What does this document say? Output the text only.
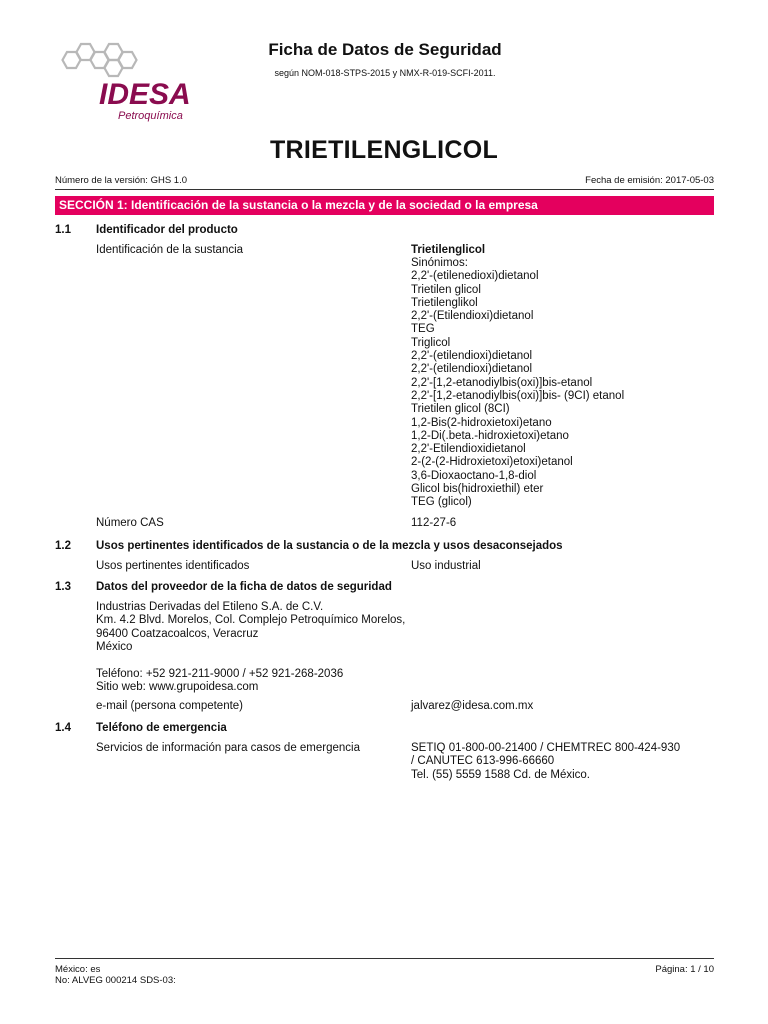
IDESA
Petroquímica
Ficha de Datos de Seguridad
según NOM-018-STPS-2015 y NMX-R-019-SCFI-2011.
TRIETILENGLICOL
Número de la versión: GHS 1.0	Fecha de emisión: 2017-05-03
SECCIÓN 1: Identificación de la sustancia o la mezcla y de la sociedad o la empresa
1.1 Identificador del producto
Identificación de la sustancia	Trietilenglicol
Sinónimos:
2,2'-(etilenedioxi)dietanol
Trietilen glicol
Trietilenglikol
2,2'-(Etilendioxi)dietanol
TEG
Triglicol
2,2'-(etilendioxi)dietanol
2,2'-(etilendioxi)dietanol
2,2'-[1,2-etanodiylbis(oxi)]bis-etanol
2,2'-[1,2-etanodiylbis(oxi)]bis- (9CI) etanol
Trietilen glicol (8CI)
1,2-Bis(2-hidroxietoxi)etano
1,2-Di(.beta.-hidroxietoxi)etano
2,2'-Etilendioxidietanol
2-(2-(2-Hidroxietoxi)etoxi)etanol
3,6-Dioxaoctano-1,8-diol
Glicol bis(hidroxiethil) eter
TEG (glicol)
Número CAS	112-27-6
1.2 Usos pertinentes identificados de la sustancia o de la mezcla y usos desaconsejados
Usos pertinentes identificados	Uso industrial
1.3 Datos del proveedor de la ficha de datos de seguridad
Industrias Derivadas del Etileno S.A. de C.V.
Km. 4.2 Blvd. Morelos, Col. Complejo Petroquímico Morelos,
96400 Coatzacoalcos, Veracruz
México
Teléfono: +52 921-211-9000 / +52 921-268-2036
Sitio web: www.grupoidesa.com
e-mail (persona competente)	jalvarez@idesa.com.mx
1.4 Teléfono de emergencia
Servicios de información para casos de emergencia	SETIQ 01-800-00-21400 / CHEMTREC 800-424-930
/ CANUTEC 613-996-66660
Tel. (55) 5559 1588 Cd. de México.
México: es
No: ALVEG 000214 SDS-03:
Página: 1 / 10
